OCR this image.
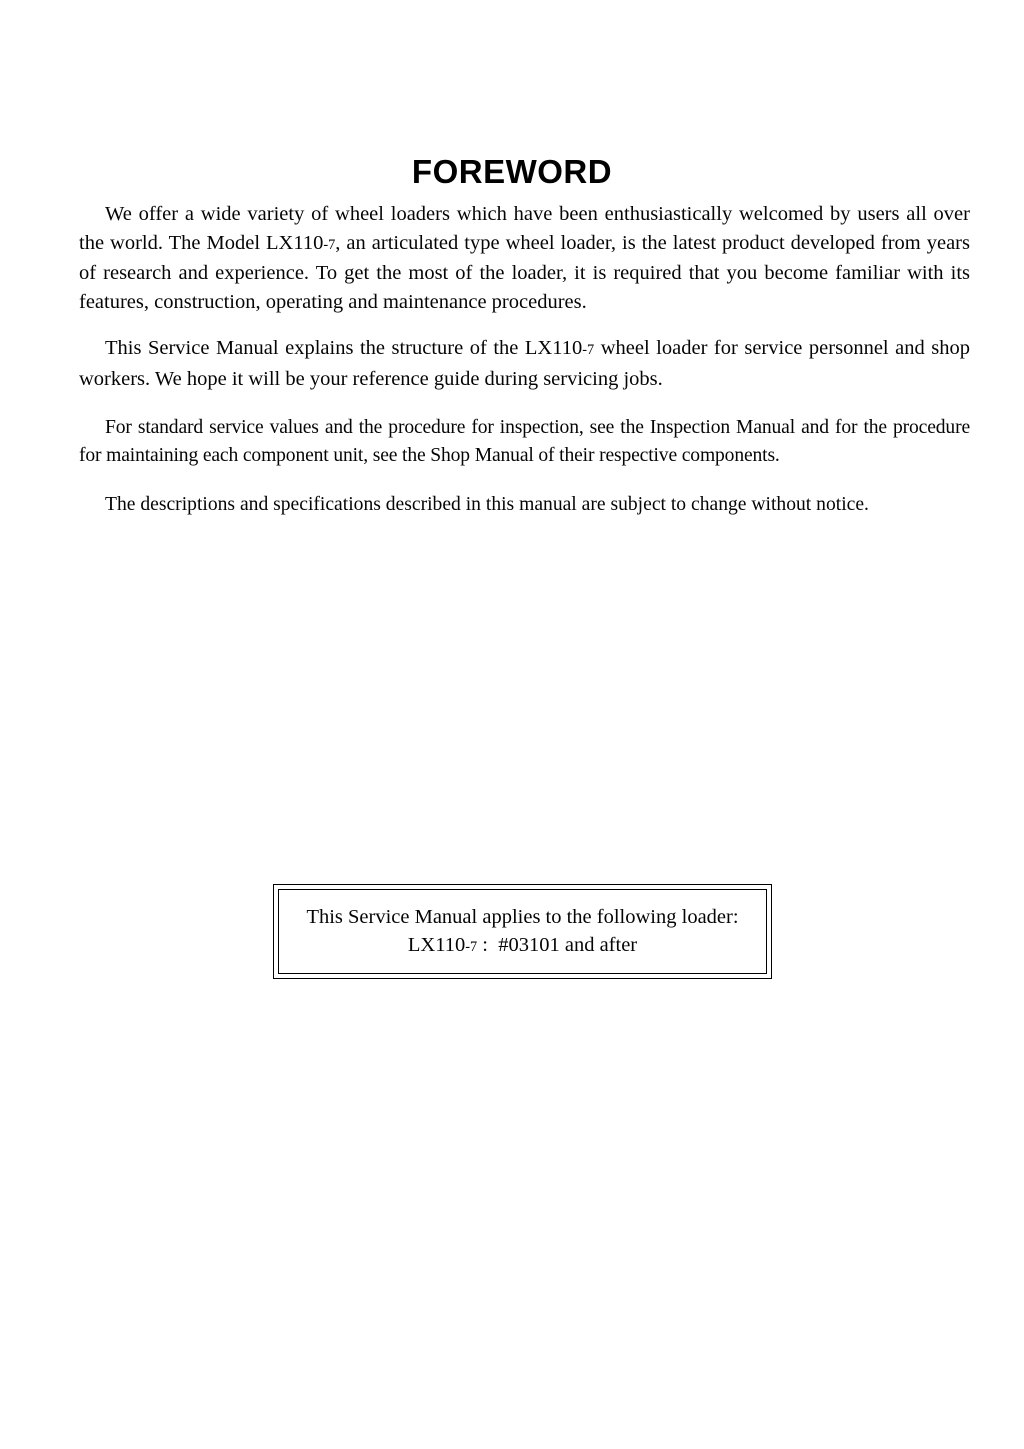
FOREWORD

We offer a wide variety of wheel loaders which have been enthusiastically welcomed by users all over the world. The Model LX110-7, an articulated type wheel loader, is the latest product developed from years of research and experience. To get the most of the loader, it is required that you become familiar with its features, construction, operating and maintenance procedures.

This Service Manual explains the structure of the LX110-7 wheel loader for service personnel and shop workers. We hope it will be your reference guide during servicing jobs.

For standard service values and the procedure for inspection, see the Inspection Manual and for the procedure for maintaining each component unit, see the Shop Manual of their respective components.

The descriptions and specifications described in this manual are subject to change without notice.

This Service Manual applies to the following loader:
LX110-7 :  #03101 and after
